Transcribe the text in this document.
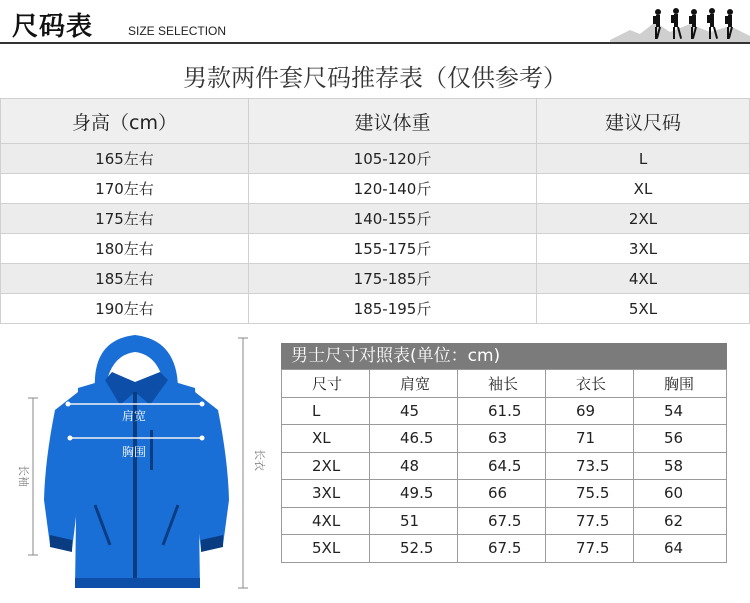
尺码表	SIZE SELECTION
男款两件套尺码推荐表（仅供参考）
身高（cm）	建议体重	建议尺码
165左右	105-120斤	L
170左右	120-140斤	XL
175左右	140-155斤	2XL
180左右	155-175斤	3XL
185左右	175-185斤	4XL
190左右	185-195斤	5XL
肩宽
胸围
长袖
长衣
男士尺寸对照表(单位：cm)
尺寸	肩宽	袖长	衣长	胸围
L	45	61.5	69	54
XL	46.5	63	71	56
2XL	48	64.5	73.5	58
3XL	49.5	66	75.5	60
4XL	51	67.5	77.5	62
5XL	52.5	67.5	77.5	64
